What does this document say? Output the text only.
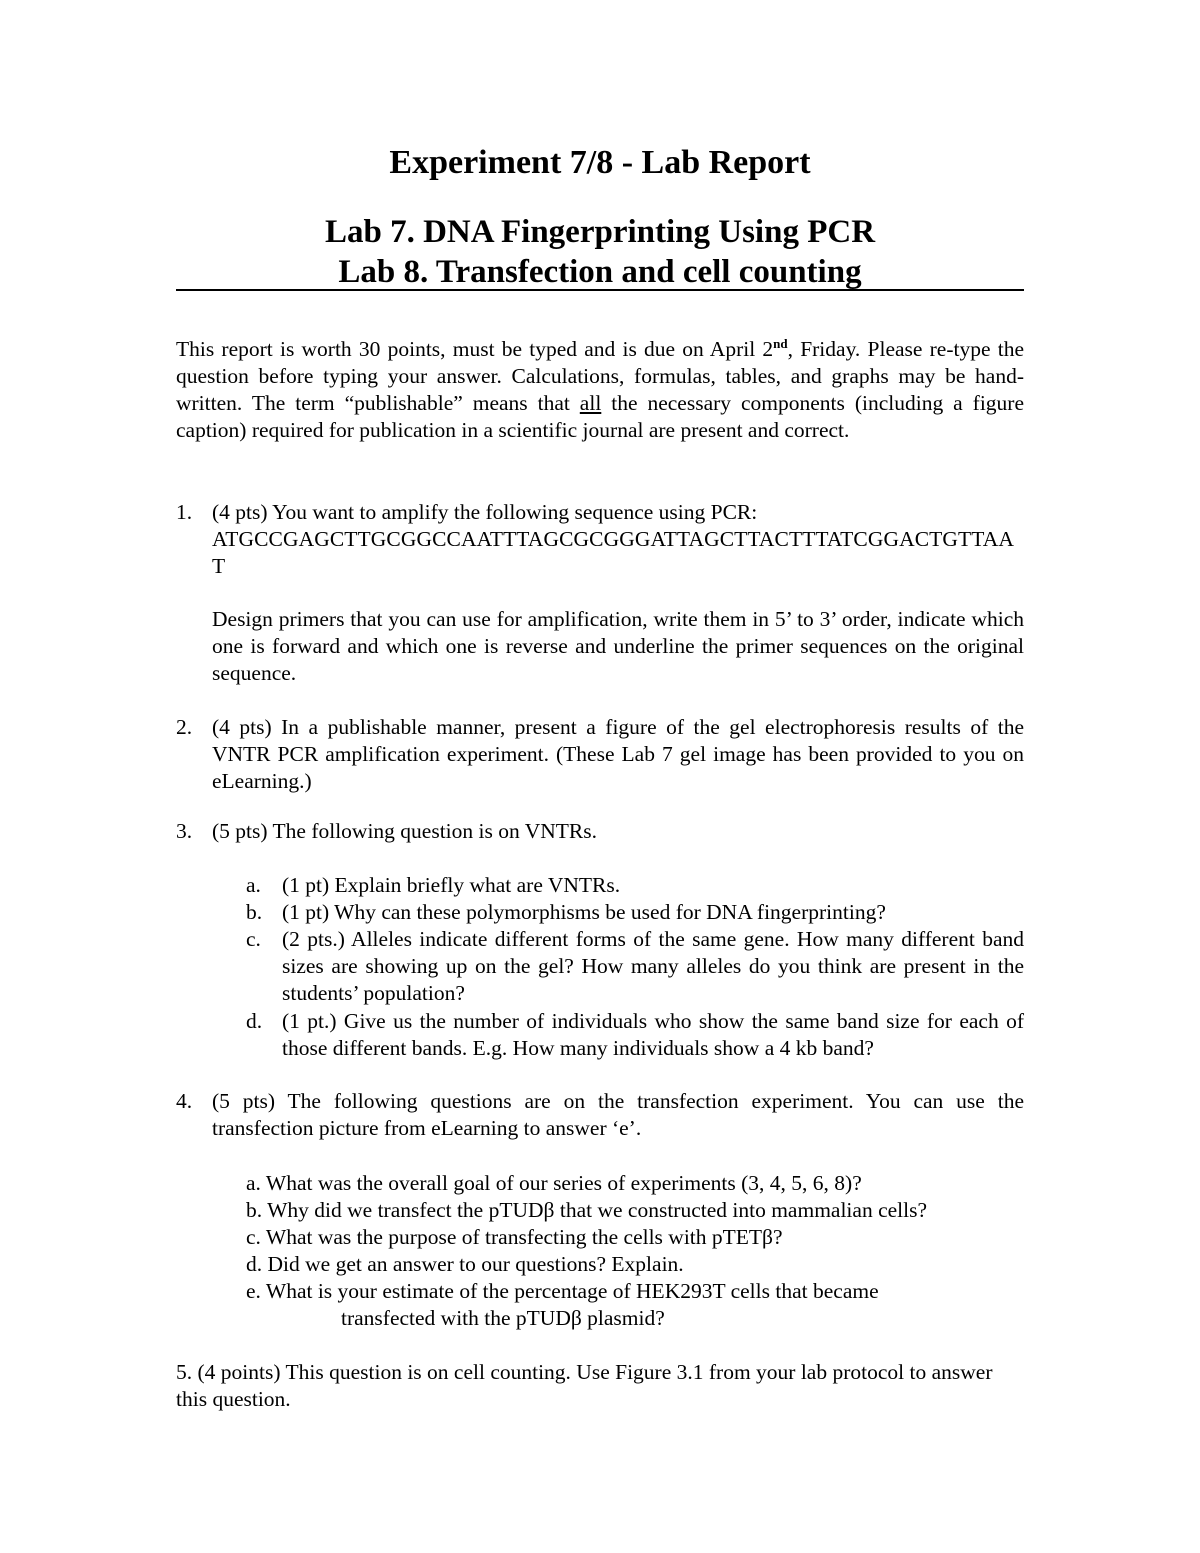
Experiment 7/8 - Lab Report
Lab 7. DNA Fingerprinting Using PCR
Lab 8. Transfection and cell counting
This report is worth 30 points, must be typed and is due on April 2nd, Friday. Please re-type the question before typing your answer. Calculations, formulas, tables, and graphs may be hand-written. The term “publishable” means that all the necessary components (including a figure caption) required for publication in a scientific journal are present and correct.
1. (4 pts) You want to amplify the following sequence using PCR:
ATGCCGAGCTTGCGGCCAATTTAGCGCGGGATTAGCTTACTTTATCGGACTGTTAAT
Design primers that you can use for amplification, write them in 5’ to 3’ order, indicate which one is forward and which one is reverse and underline the primer sequences on the original sequence.
2. (4 pts) In a publishable manner, present a figure of the gel electrophoresis results of the VNTR PCR amplification experiment. (These Lab 7 gel image has been provided to you on eLearning.)
3. (5 pts) The following question is on VNTRs.
a. (1 pt) Explain briefly what are VNTRs.
b. (1 pt) Why can these polymorphisms be used for DNA fingerprinting?
c. (2 pts.) Alleles indicate different forms of the same gene. How many different band sizes are showing up on the gel? How many alleles do you think are present in the students’ population?
d. (1 pt.) Give us the number of individuals who show the same band size for each of those different bands. E.g. How many individuals show a 4 kb band?
4. (5 pts) The following questions are on the transfection experiment. You can use the transfection picture from eLearning to answer ‘e’.
a. What was the overall goal of our series of experiments (3, 4, 5, 6, 8)?
b. Why did we transfect the pTUDβ that we constructed into mammalian cells?
c. What was the purpose of transfecting the cells with pTETβ?
d. Did we get an answer to our questions? Explain.
e. What is your estimate of the percentage of HEK293T cells that became
transfected with the pTUDβ plasmid?
5. (4 points) This question is on cell counting. Use Figure 3.1 from your lab protocol to answer this question.
